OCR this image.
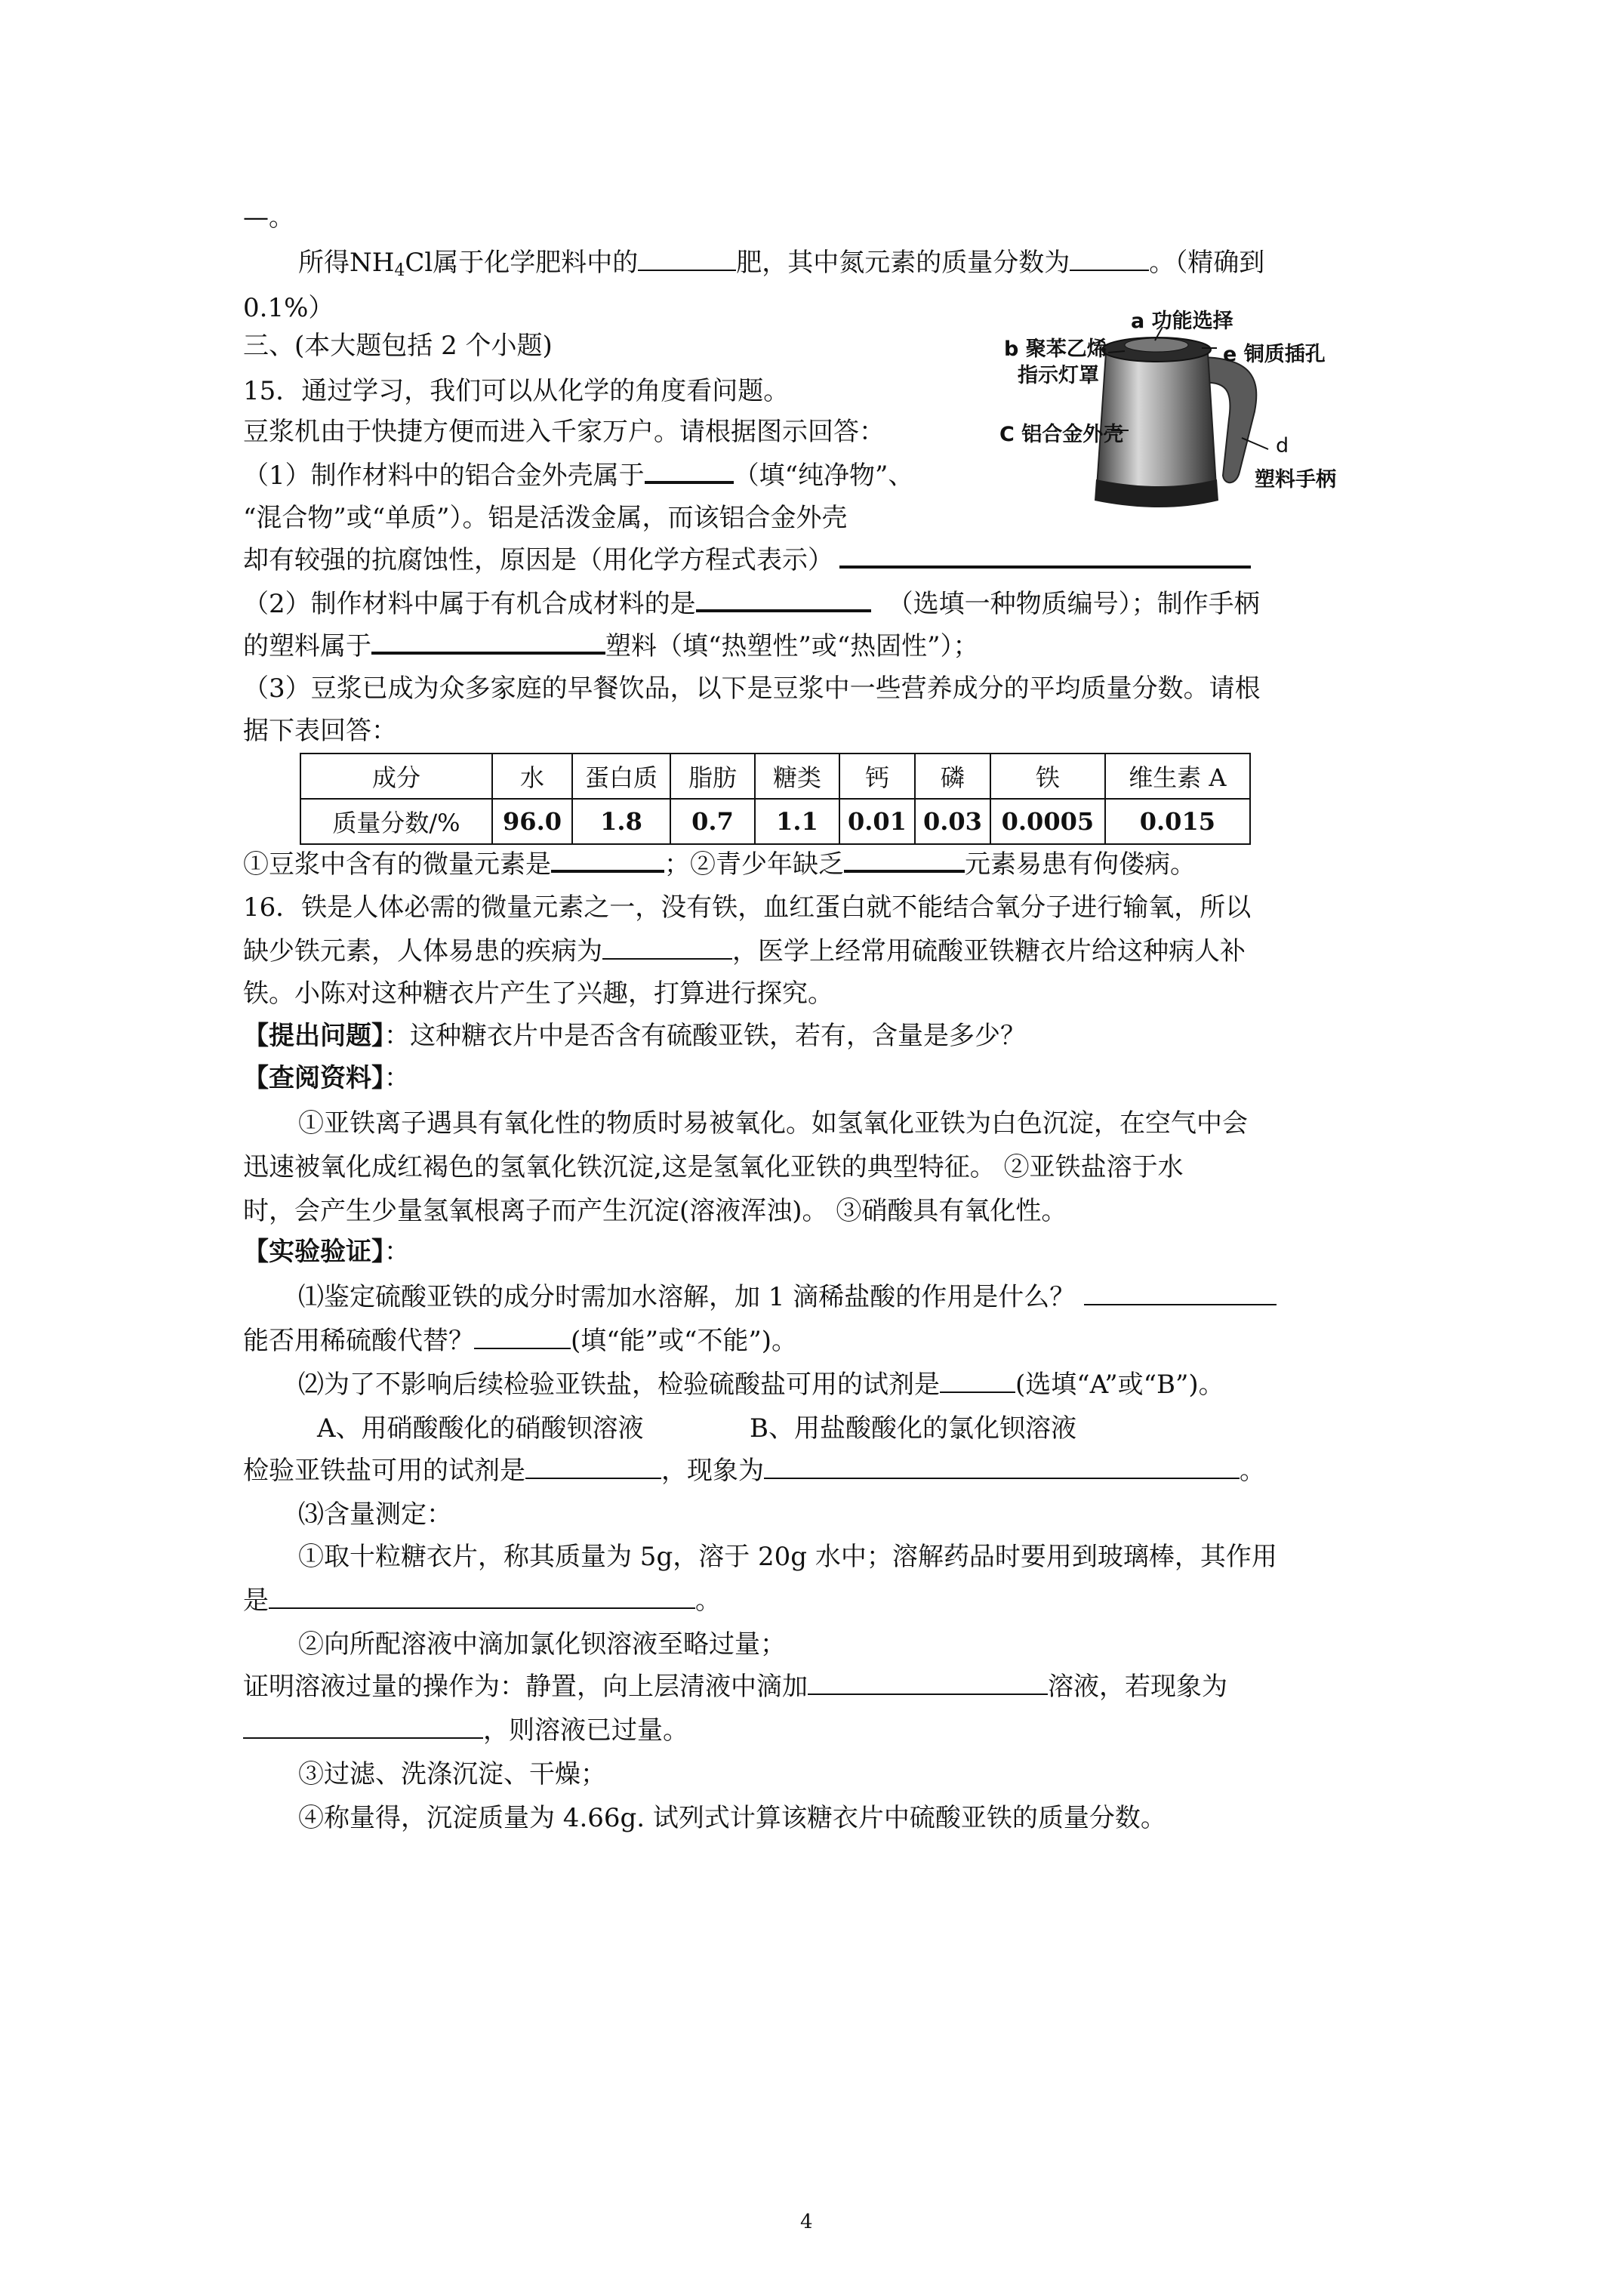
—。
所得$NH_4Cl$属于化学肥料中的	肥，其中氮元素的质量分数为	。（精确到
0.1%）
三、(本大题包括 2 个小题)
15．通过学习，我们可以从化学的角度看问题。
豆浆机由于快捷方便而进入千家万户。请根据图示回答：
（1）制作材料中的铝合金外壳属于	（填“纯净物”、
“混合物”或“单质”）。铝是活泼金属，而该铝合金外壳
却有较强的抗腐蚀性，原因是（用化学方程式表示）
（2）制作材料中属于有机合成材料的是	（选填一种物质编号）；制作手柄
的塑料属于	塑料（填“热塑性”或“热固性”）；
（3）豆浆已成为众多家庭的早餐饮品，以下是豆浆中一些营养成分的平均质量分数。请根
据下表回答：
a 功能选择
b 聚苯乙烯
指示灯罩
e 铜质插孔
C 铝合金外壳	d
塑料手柄
成分	水	蛋白质	脂肪	糖类	钙	磷	铁	维生素 A
质量分数/%	96.0	1.8	0.7	1.1	0.01	0.03	0.0005	0.015
①豆浆中含有的微量元素是	；②青少年缺乏	元素易患有佝偻病。
16．铁是人体必需的微量元素之一，没有铁，血红蛋白就不能结合氧分子进行输氧，所以
缺少铁元素，人体易患的疾病为	，医学上经常用硫酸亚铁糖衣片给这种病人补
铁。小陈对这种糖衣片产生了兴趣，打算进行探究。
【提出问题】：这种糖衣片中是否含有硫酸亚铁，若有，含量是多少？
【查阅资料】：
①亚铁离子遇具有氧化性的物质时易被氧化。如氢氧化亚铁为白色沉淀，在空气中会
迅速被氧化成红褐色的氢氧化铁沉淀,这是氢氧化亚铁的典型特征。 ②亚铁盐溶于水
时，会产生少量氢氧根离子而产生沉淀(溶液浑浊)。 ③硝酸具有氧化性。
【实验验证】：
⑴鉴定硫酸亚铁的成分时需加水溶解，加 1 滴稀盐酸的作用是什么？
能否用稀硫酸代替？	(填“能”或“不能”)。
⑵为了不影响后续检验亚铁盐，检验硫酸盐可用的试剂是	(选填“A”或“B”)。
A、用硝酸酸化的硝酸钡溶液	B、用盐酸酸化的氯化钡溶液
检验亚铁盐可用的试剂是	，现象为	。
⑶含量测定：
①取十粒糖衣片，称其质量为 5g，溶于 20g 水中；溶解药品时要用到玻璃棒，其作用
是	。
②向所配溶液中滴加氯化钡溶液至略过量；
证明溶液过量的操作为：静置，向上层清液中滴加	溶液，若现象为
，则溶液已过量。
③过滤、洗涤沉淀、干燥；
④称量得，沉淀质量为 4.66g. 试列式计算该糖衣片中硫酸亚铁的质量分数。
4
